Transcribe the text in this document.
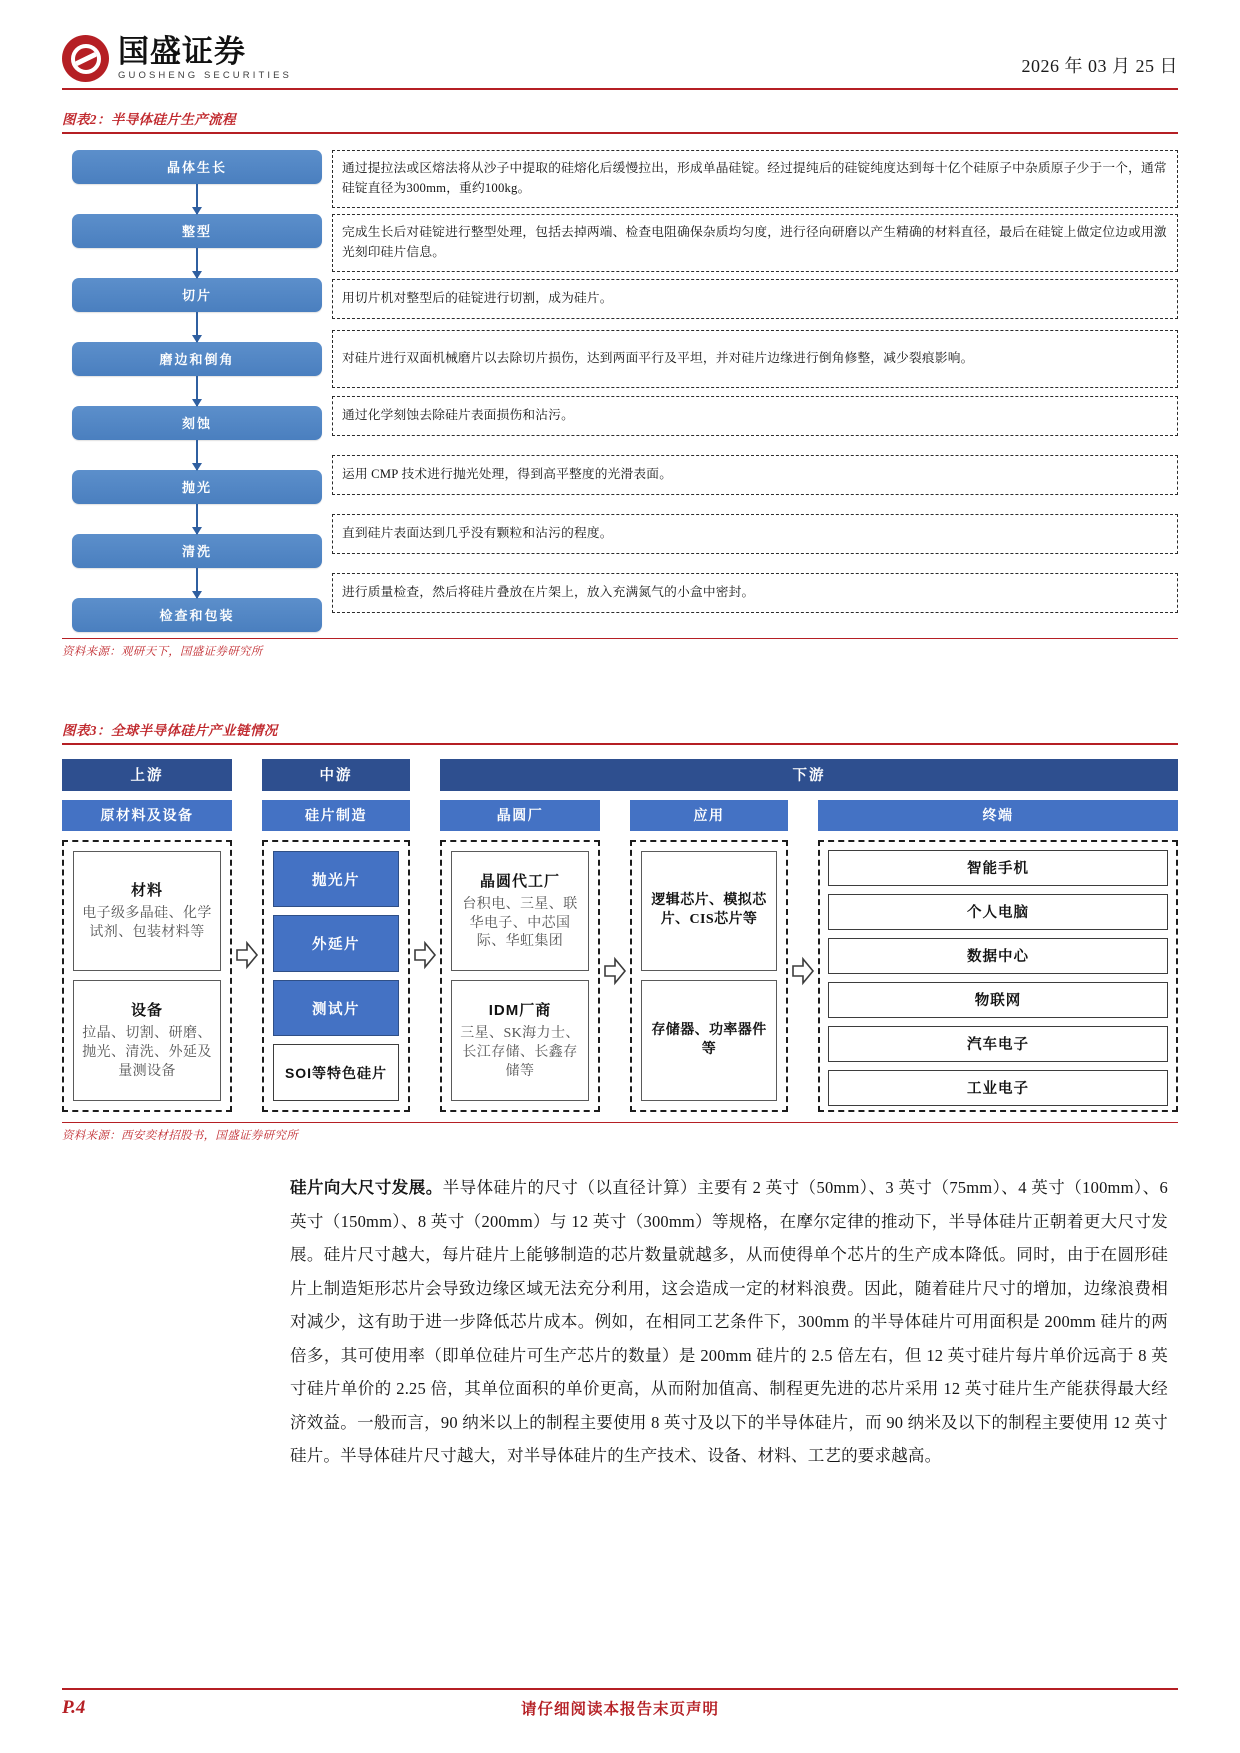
国盛证券
GUOSHENG SECURITIES	2026 年 03 月 25 日
图表2：半导体硅片生产流程
晶体生长
整型
切片
磨边和倒角
刻蚀
抛光
清洗
检查和包装
通过提拉法或区熔法将从沙子中提取的硅熔化后缓慢拉出，形成单晶硅锭。经过提纯后的硅锭纯度达到每十亿个硅原子中杂质原子少于一个，通常硅锭直径为300mm，重约100kg。
完成生长后对硅锭进行整型处理，包括去掉两端、检查电阻确保杂质均匀度，进行径向研磨以产生精确的材料直径，最后在硅锭上做定位边或用激光刻印硅片信息。
用切片机对整型后的硅锭进行切割，成为硅片。
对硅片进行双面机械磨片以去除切片损伤，达到两面平行及平坦，并对硅片边缘进行倒角修整，减少裂痕影响。
通过化学刻蚀去除硅片表面损伤和沾污。
运用 CMP 技术进行抛光处理，得到高平整度的光滑表面。
直到硅片表面达到几乎没有颗粒和沾污的程度。
进行质量检查，然后将硅片叠放在片架上，放入充满氮气的小盒中密封。
资料来源：观研天下，国盛证券研究所
图表3：全球半导体硅片产业链情况
上游
原材料及设备
材料
电子级多晶硅、化学试剂、包装材料等
设备
拉晶、切割、研磨、抛光、清洗、外延及量测设备
中游
硅片制造
抛光片
外延片
测试片
SOI等特色硅片
下游
晶圆厂
晶圆代工厂
台积电、三星、联华电子、中芯国际、华虹集团
IDM厂商
三星、SK海力士、长江存储、长鑫存储等
应用
逻辑芯片、模拟芯片、CIS芯片等
存储器、功率器件等
终端
智能手机
个人电脑
数据中心
物联网
汽车电子
工业电子
资料来源：西安奕材招股书，国盛证券研究所

硅片向大尺寸发展。半导体硅片的尺寸（以直径计算）主要有 2 英寸（50mm）、3 英寸（75mm）、4 英寸（100mm）、6 英寸（150mm）、8 英寸（200mm）与 12 英寸（300mm）等规格，在摩尔定律的推动下，半导体硅片正朝着更大尺寸发展。硅片尺寸越大，每片硅片上能够制造的芯片数量就越多，从而使得单个芯片的生产成本降低。同时，由于在圆形硅片上制造矩形芯片会导致边缘区域无法充分利用，这会造成一定的材料浪费。因此，随着硅片尺寸的增加，边缘浪费相对减少，这有助于进一步降低芯片成本。例如，在相同工艺条件下，300mm 的半导体硅片可用面积是 200mm 硅片的两倍多，其可使用率（即单位硅片可生产芯片的数量）是 200mm 硅片的 2.5 倍左右，但 12 英寸硅片每片单价远高于 8 英寸硅片单价的 2.25 倍，其单位面积的单价更高，从而附加值高、制程更先进的芯片采用 12 英寸硅片生产能获得最大经济效益。一般而言，90 纳米以上的制程主要使用 8 英寸及以下的半导体硅片，而 90 纳米及以下的制程主要使用 12 英寸硅片。半导体硅片尺寸越大，对半导体硅片的生产技术、设备、材料、工艺的要求越高。

P.4	请仔细阅读本报告末页声明
